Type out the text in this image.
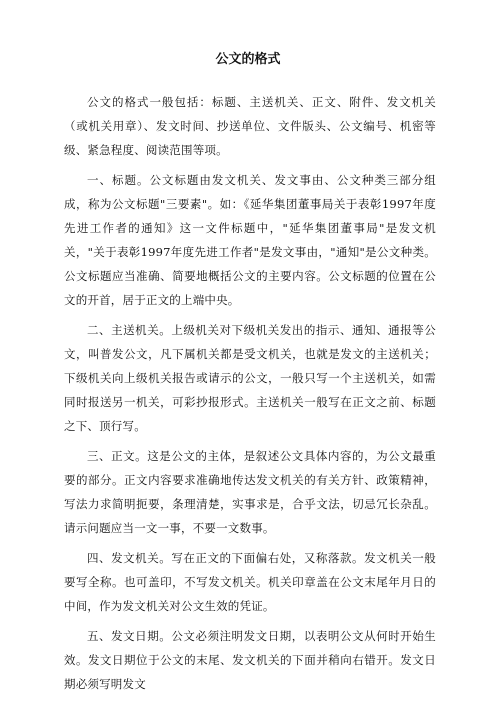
公文的格式

公文的格式一般包括：标题、主送机关、正文、附件、发文机关（或机关用章）、发文时间、抄送单位、文件版头、公文编号、机密等级、紧急程度、阅读范围等项。

一、标题。公文标题由发文机关、发文事由、公文种类三部分组成，称为公文标题"三要素"。如：《延华集团董事局关于表彰1997年度先进工作者的通知》这一文件标题中，"延华集团董事局"是发文机关，"关于表彰1997年度先进工作者"是发文事由，"通知"是公文种类。公文标题应当准确、简要地概括公文的主要内容。公文标题的位置在公文的开首，居于正文的上端中央。

二、主送机关。上级机关对下级机关发出的指示、通知、通报等公文，叫普发公文，凡下属机关都是受文机关，也就是发文的主送机关；下级机关向上级机关报告或请示的公文，一般只写一个主送机关，如需同时报送另一机关，可彩抄报形式。主送机关一般写在正文之前、标题之下、顶行写。

三、正文。这是公文的主体，是叙述公文具体内容的，为公文最重要的部分。正文内容要求准确地传达发文机关的有关方针、政策精神，写法力求简明扼要，条理清楚，实事求是，合乎文法，切忌冗长杂乱。请示问题应当一文一事，不要一文数事。

四、发文机关。写在正文的下面偏右处，又称落款。发文机关一般要写全称。也可盖印，不写发文机关。机关印章盖在公文末尾年月日的中间，作为发文机关对公文生效的凭证。

五、发文日期。公文必须注明发文日期，以表明公文从何时开始生效。发文日期位于公文的末尾、发文机关的下面并稍向右错开。发文日期必须写明发文
